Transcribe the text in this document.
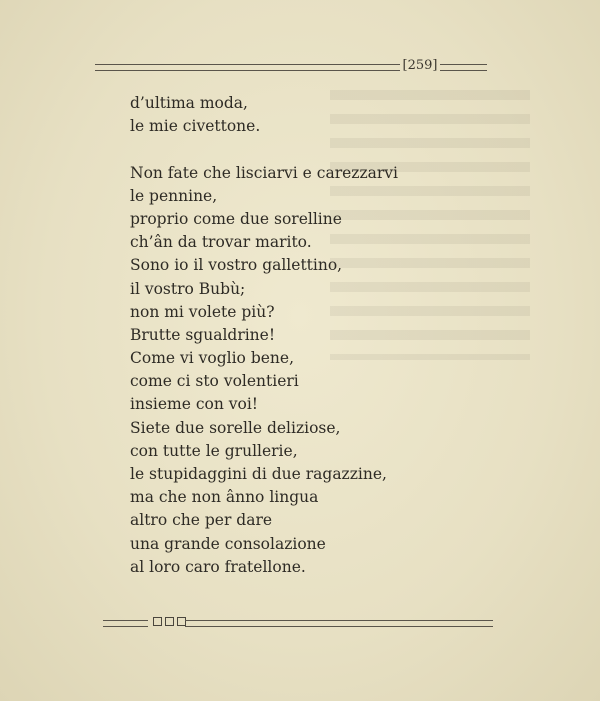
[259]
d’ultima moda,
le mie civettone.
Non fate che lisciarvi e carezzarvi
le pennine,
proprio come due sorelline
ch’ân da trovar marito.
Sono io il vostro gallettino,
il vostro Bubù;
non mi volete più?
Brutte sgualdrine!
Come vi voglio bene,
come ci sto volentieri
insieme con voi!
Siete due sorelle deliziose,
con tutte le grullerie,
le stupidaggini di due ragazzine,
ma che non ânno lingua
altro che per dare
una grande consolazione
al loro caro fratellone.
